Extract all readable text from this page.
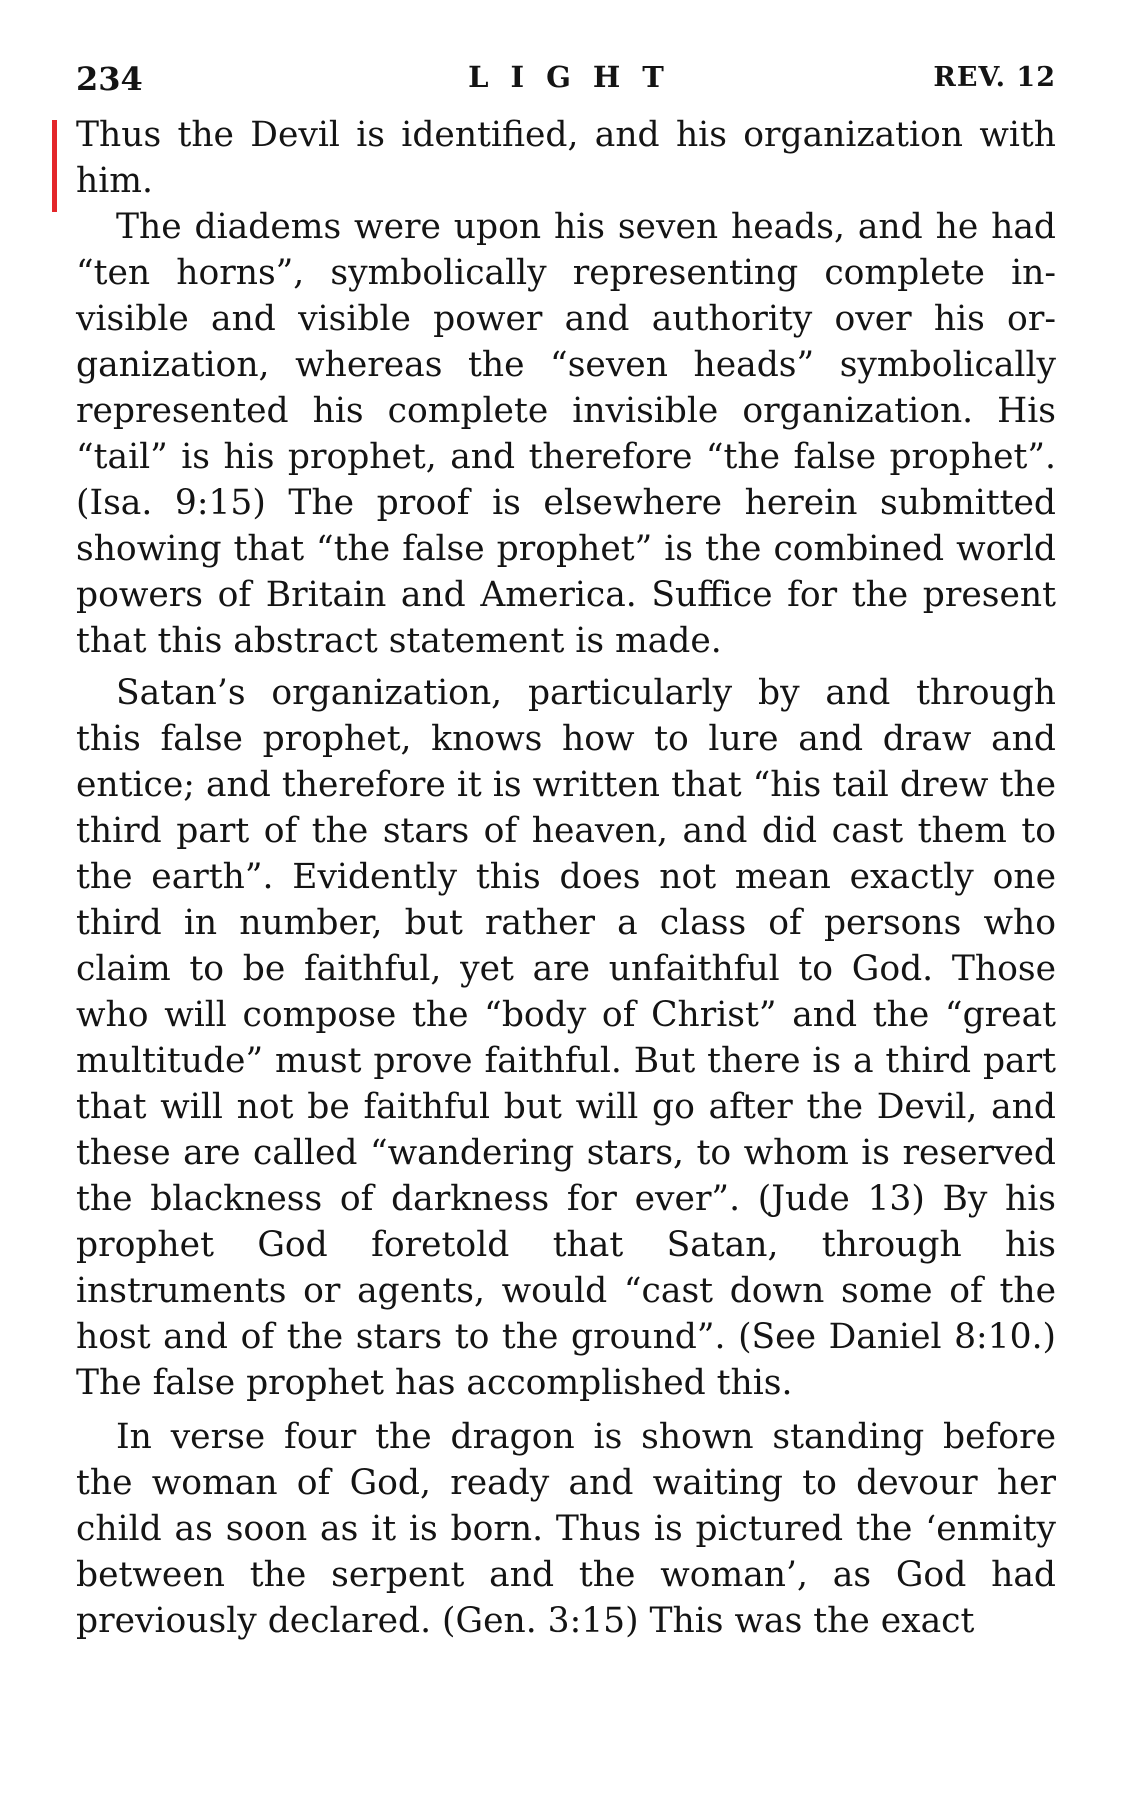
234	LIGHT	REV. 12

Thus the Devil is identified, and his organization with him.

The diadems were upon his seven heads, and he had “ten horns”, symbolically representing complete invisible and visible power and authority over his organization, whereas the “seven heads” symbolically represented his complete invisible organization. His “tail” is his prophet, and therefore “the false prophet”. (Isa. 9:15) The proof is elsewhere herein submitted showing that “the false prophet” is the combined world powers of Britain and America. Suffice for the present that this abstract statement is made.

Satan’s organization, particularly by and through this false prophet, knows how to lure and draw and entice; and therefore it is written that “his tail drew the third part of the stars of heaven, and did cast them to the earth”. Evidently this does not mean exactly one third in number, but rather a class of persons who claim to be faithful, yet are unfaithful to God. Those who will compose the “body of Christ” and the “great multitude” must prove faithful. But there is a third part that will not be faithful but will go after the Devil, and these are called “wandering stars, to whom is reserved the blackness of darkness for ever”. (Jude 13) By his prophet God foretold that Satan, through his instruments or agents, would “cast down some of the host and of the stars to the ground”. (See Daniel 8:10.) The false prophet has accomplished this.

In verse four the dragon is shown standing before the woman of God, ready and waiting to devour her child as soon as it is born. Thus is pictured the ‘enmity between the serpent and the woman’, as God had previously declared. (Gen. 3:15) This was the exact
